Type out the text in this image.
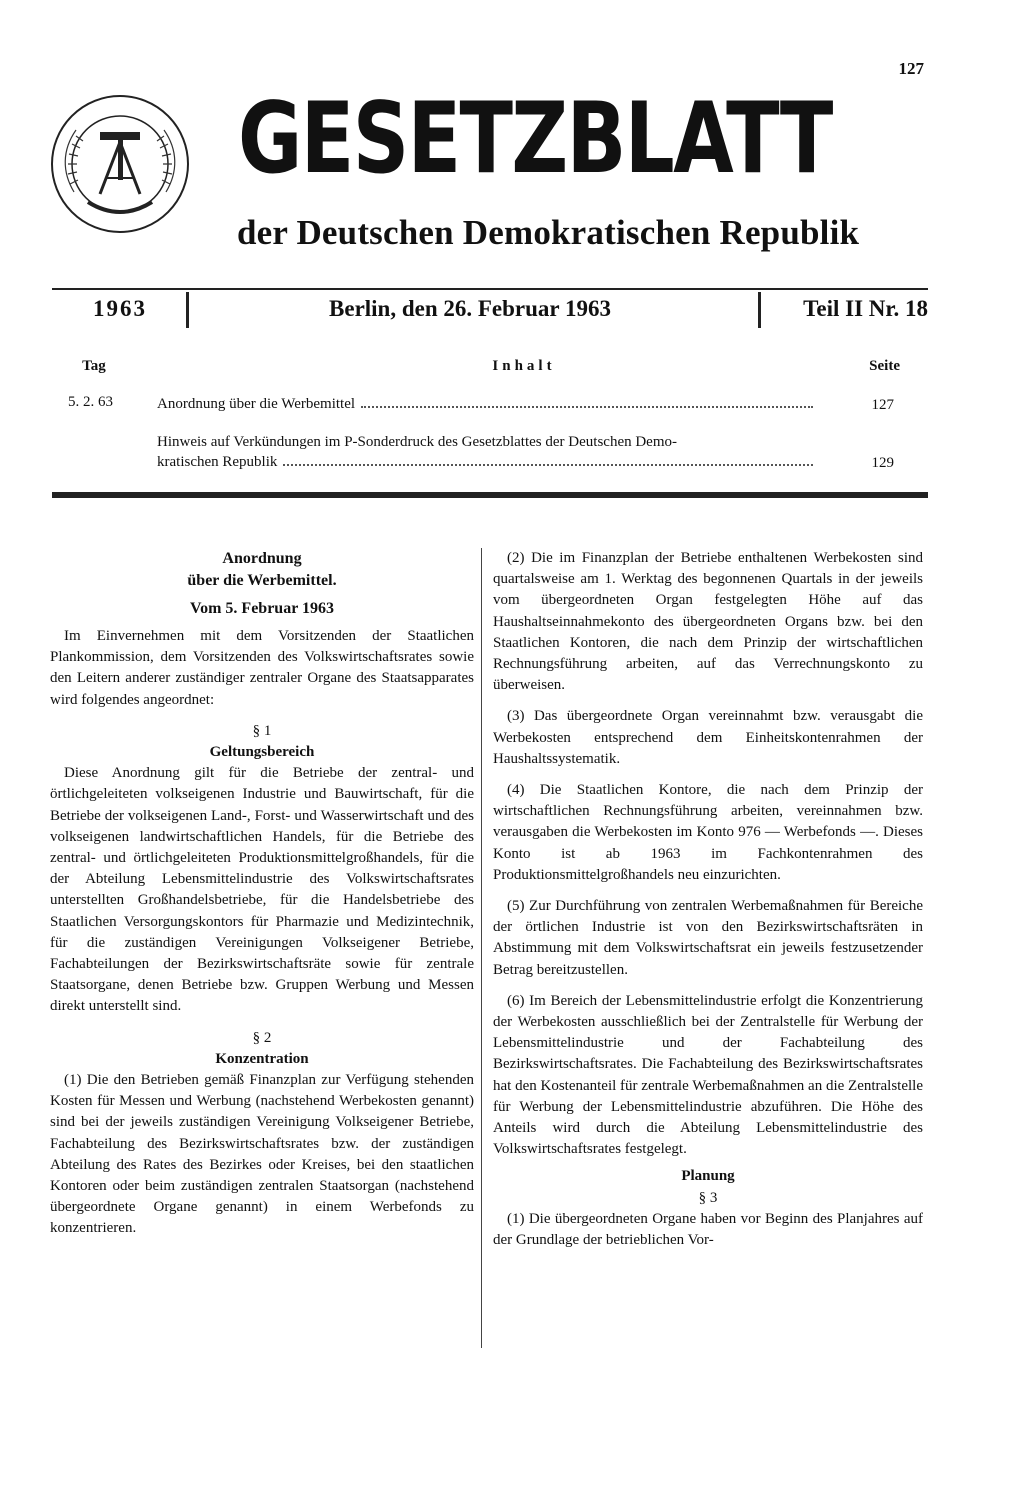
127
GESETZBLATT
der Deutschen Demokratischen Republik
1963	Berlin, den 26. Februar 1963	Teil II Nr. 18
Tag	Inhalt	Seite
5. 2. 63	Anordnung über die Werbemittel	127
Hinweis auf Verkündungen im P-Sonderdruck des Gesetzblattes der Deutschen Demo-
kratischen Republik	129

Anordnung

über die Werbemittel.

Vom 5. Februar 1963

Im Einvernehmen mit dem Vorsitzenden der Staatlichen Plankommission, dem Vorsitzenden des Volkswirtschaftsrates sowie den Leitern anderer zuständiger zentraler Organe des Staatsapparates wird folgendes angeordnet:

§ 1

Geltungsbereich

Diese Anordnung gilt für die Betriebe der zentral- und örtlichgeleiteten volkseigenen Industrie und Bauwirtschaft, für die Betriebe der volkseigenen Land-, Forst- und Wasserwirtschaft und des volkseigenen landwirtschaftlichen Handels, für die Betriebe des zentral- und örtlichgeleiteten Produktionsmittelgroßhandels, für die der Abteilung Lebensmittelindustrie des Volkswirtschaftsrates unterstellten Großhandelsbetriebe, für die Handelsbetriebe des Staatlichen Versorgungskontors für Pharmazie und Medizintechnik, für die zuständigen Vereinigungen Volkseigener Betriebe, Fachabteilungen der Bezirkswirtschaftsräte sowie für zentrale Staatsorgane, denen Betriebe bzw. Gruppen Werbung und Messen direkt unterstellt sind.

§ 2

Konzentration

(1) Die den Betrieben gemäß Finanzplan zur Verfügung stehenden Kosten für Messen und Werbung (nachstehend Werbekosten genannt) sind bei der jeweils zuständigen Vereinigung Volkseigener Betriebe, Fachabteilung des Bezirkswirtschaftsrates bzw. der zuständigen Abteilung des Rates des Bezirkes oder Kreises, bei den staatlichen Kontoren oder beim zuständigen zentralen Staatsorgan (nachstehend übergeordnete Organe genannt) in einem Werbefonds zu konzentrieren.

(2) Die im Finanzplan der Betriebe enthaltenen Werbekosten sind quartalsweise am 1. Werktag des begonnenen Quartals in der jeweils vom übergeordneten Organ festgelegten Höhe auf das Haushaltseinnahmekonto des übergeordneten Organs bzw. bei den Staatlichen Kontoren, die nach dem Prinzip der wirtschaftlichen Rechnungsführung arbeiten, auf das Verrechnungskonto zu überweisen.

(3) Das übergeordnete Organ vereinnahmt bzw. verausgabt die Werbekosten entsprechend dem Einheitskontenrahmen der Haushaltssystematik.

(4) Die Staatlichen Kontore, die nach dem Prinzip der wirtschaftlichen Rechnungsführung arbeiten, vereinnahmen bzw. verausgaben die Werbekosten im Konto 976 — Werbefonds —. Dieses Konto ist ab 1963 im Fachkontenrahmen des Produktionsmittelgroßhandels neu einzurichten.

(5) Zur Durchführung von zentralen Werbemaßnahmen für Bereiche der örtlichen Industrie ist von den Bezirkswirtschaftsräten in Abstimmung mit dem Volkswirtschaftsrat ein jeweils festzusetzender Betrag bereitzustellen.

(6) Im Bereich der Lebensmittelindustrie erfolgt die Konzentrierung der Werbekosten ausschließlich bei der Zentralstelle für Werbung der Lebensmittelindustrie und der Fachabteilung des Bezirkswirtschaftsrates. Die Fachabteilung des Bezirkswirtschaftsrates hat den Kostenanteil für zentrale Werbemaßnahmen an die Zentralstelle für Werbung der Lebensmittelindustrie abzuführen. Die Höhe des Anteils wird durch die Abteilung Lebensmittelindustrie des Volkswirtschaftsrates festgelegt.

Planung

§ 3

(1) Die übergeordneten Organe haben vor Beginn des Planjahres auf der Grundlage der betrieblichen Vor-
